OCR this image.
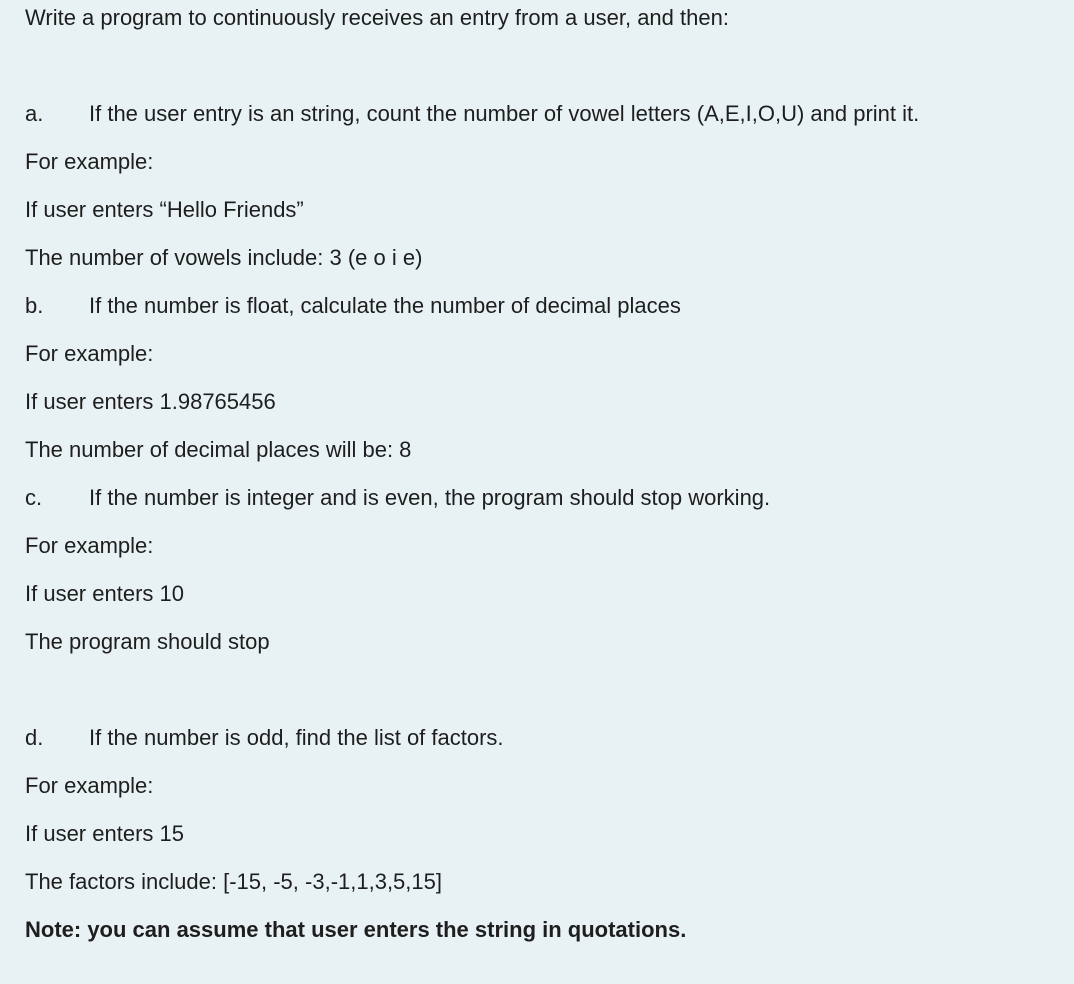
Write a program to continuously receives an entry from a user, and then:
a. If the user entry is an string, count the number of vowel letters (A,E,I,O,U) and print it.
For example:
If user enters “Hello Friends”
The number of vowels include: 3 (e o i e)
b. If the number is float, calculate the number of decimal places
For example:
If user enters 1.98765456
The number of decimal places will be: 8
c. If the number is integer and is even, the program should stop working.
For example:
If user enters 10
The program should stop
d. If the number is odd, find the list of factors.
For example:
If user enters 15
The factors include: [-15, -5, -3,-1,1,3,5,15]
Note: you can assume that user enters the string in quotations.
